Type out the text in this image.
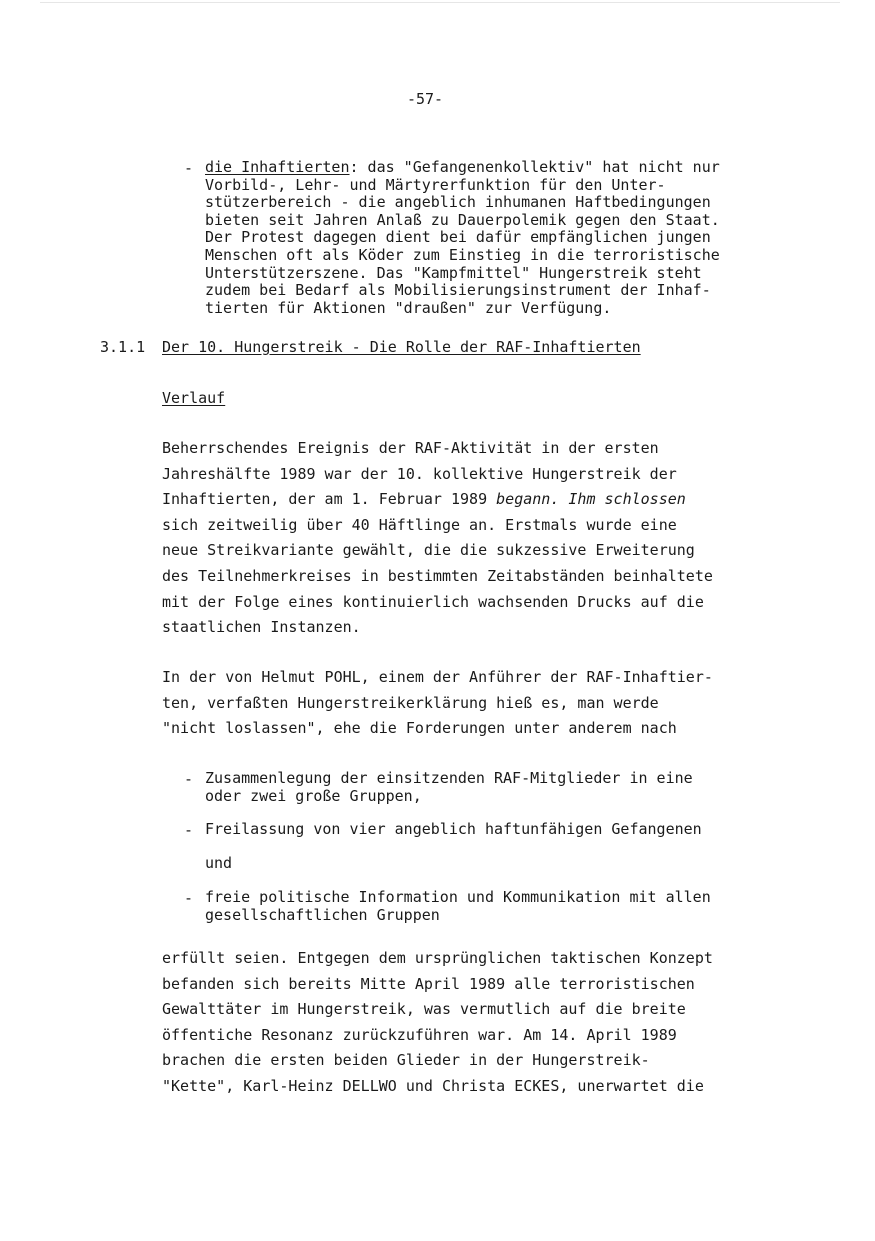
-57-
- die Inhaftierten: das "Gefangenenkollektiv" hat nicht nur
Vorbild-, Lehr- und Märtyrerfunktion für den Unter-
stützerbereich - die angeblich inhumanen Haftbedingungen
bieten seit Jahren Anlaß zu Dauerpolemik gegen den Staat.
Der Protest dagegen dient bei dafür empfänglichen jungen
Menschen oft als Köder zum Einstieg in die terroristische
Unterstützerszene. Das "Kampfmittel" Hungerstreik steht
zudem bei Bedarf als Mobilisierungsinstrument der Inhaf-
tierten für Aktionen "draußen" zur Verfügung.
3.1.1 Der 10. Hungerstreik - Die Rolle der RAF-Inhaftierten
Verlauf
Beherrschendes Ereignis der RAF-Aktivität in der ersten
Jahreshälfte 1989 war der 10. kollektive Hungerstreik der
Inhaftierten, der am 1. Februar 1989 begann. Ihm schlossen
sich zeitweilig über 40 Häftlinge an. Erstmals wurde eine
neue Streikvariante gewählt, die die sukzessive Erweiterung
des Teilnehmerkreises in bestimmten Zeitabständen beinhaltete
mit der Folge eines kontinuierlich wachsenden Drucks auf die
staatlichen Instanzen.
In der von Helmut POHL, einem der Anführer der RAF-Inhaftier-
ten, verfaßten Hungerstreikerklärung hieß es, man werde
"nicht loslassen", ehe die Forderungen unter anderem nach
- Zusammenlegung der einsitzenden RAF-Mitglieder in eine
oder zwei große Gruppen,
- Freilassung von vier angeblich haftunfähigen Gefangenen
und
- freie politische Information und Kommunikation mit allen
gesellschaftlichen Gruppen
erfüllt seien. Entgegen dem ursprünglichen taktischen Konzept
befanden sich bereits Mitte April 1989 alle terroristischen
Gewalttäter im Hungerstreik, was vermutlich auf die breite
öffentiche Resonanz zurückzuführen war. Am 14. April 1989
brachen die ersten beiden Glieder in der Hungerstreik-
"Kette", Karl-Heinz DELLWO und Christa ECKES, unerwartet die
